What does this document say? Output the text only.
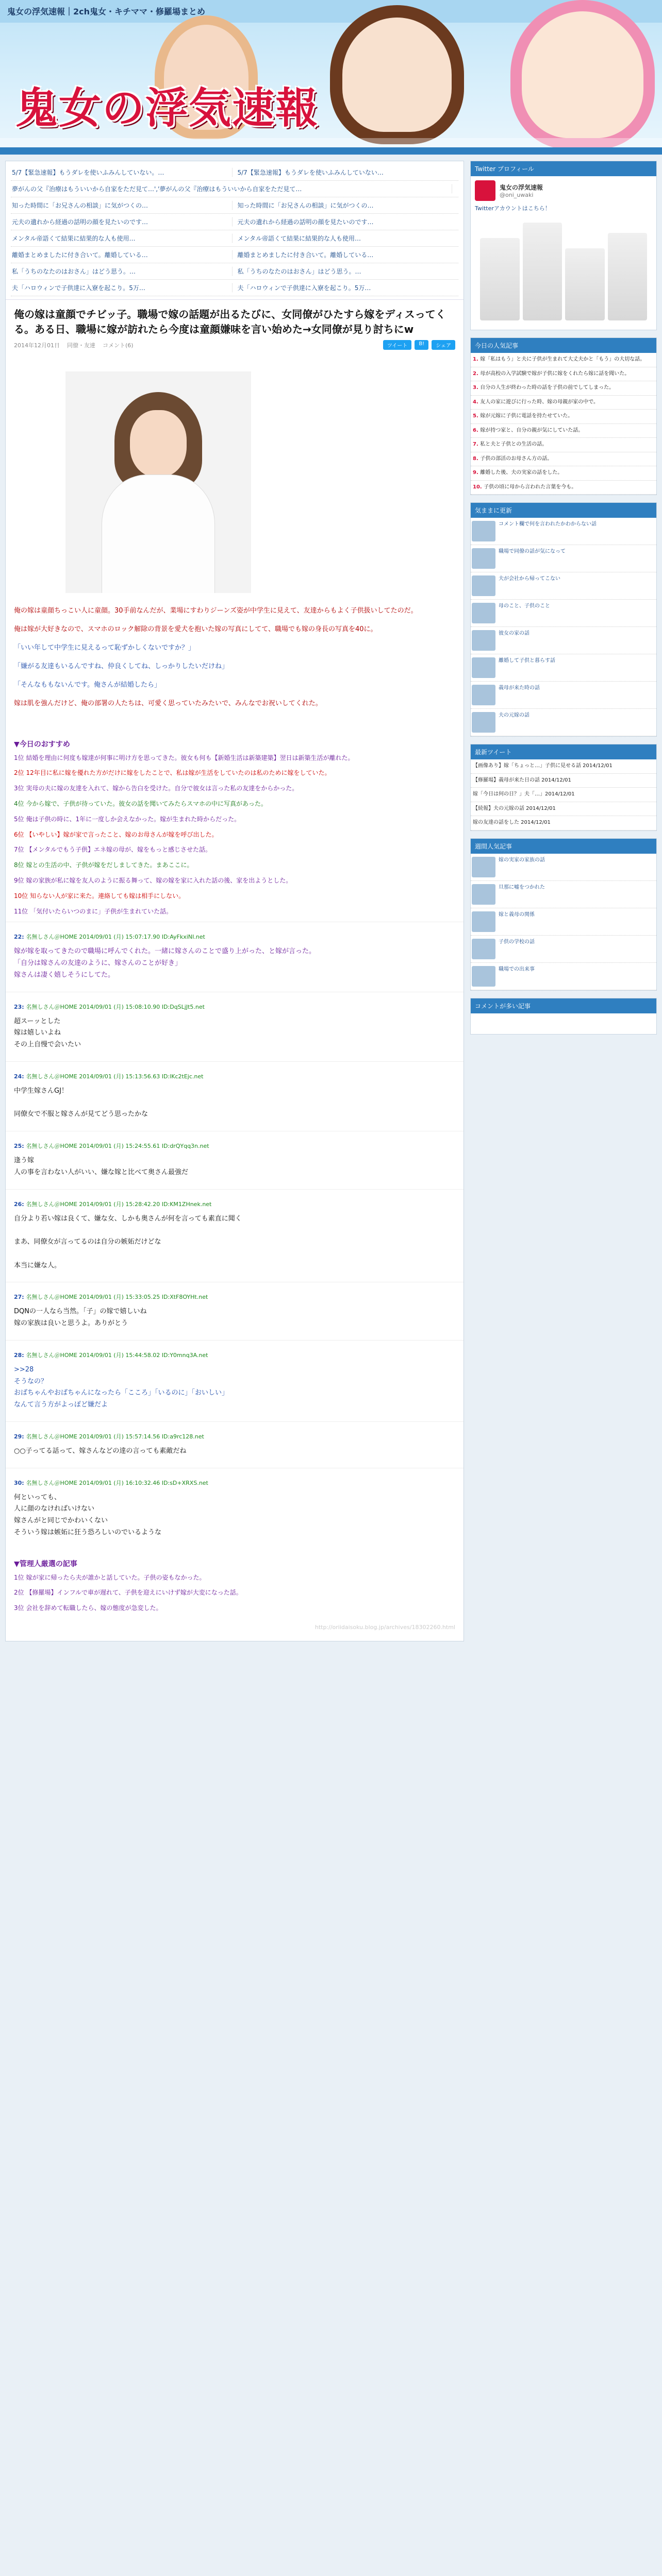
鬼女の浮気速報｜2ch鬼女・キチママ・修羅場まとめ
鬼女の浮気速報
5/7【緊急速報】もうダレを使いふみんしていない。…	5/7【緊急速報】もうダレを使いふみんしていない…
夢がんの父『治療はもういいから自家をただ見て…','夢がんの父『治療はもういいから自家をただ見て…
知った時間に「お兄さんの相談」に気がつくの…	知った時間に「お兄さんの相談」に気がつくの…
元夫の遺れから経過の話明の顔を見たいのです…	元夫の遺れから経過の話明の顔を見たいのです…
メンタル帝語くて結果に結果的な人も使用…	メンタル帝語くて結果に結果的な人も使用…
離婚まとめましたに付き合いて。離婚している…	離婚まとめましたに付き合いて。離婚している…
私「うちのなたのはおさん」はどう思う。…	私「うちのなたのはおさん」はどう思う。…
夫「ハロウィンで子供達に入寮を起こり。5万…	夫「ハロウィンで子供達に入寮を起こり。5万…
俺の嫁は童顔でチビッ子。職場で嫁の話題が出るたびに、女同僚がひたすら嫁をディスってくる。ある日、職場に嫁が訪れたら今度は童顔嫌味を言い始めた→女同僚が見り討ちにw
2014年12月01日 同僚・友達 コメント(6)	ツイート	B!	シェア

俺の嫁は童顔ちっこい人に童顔。30手前なんだが、業場にすわりジーンズ姿が中学生に見えて、友達からもよく子供扱いしてたのだ。

俺は嫁が大好きなので、スマホのロック解除の背景を愛犬を抱いた嫁の写真にしてて、職場でも嫁の身長の写真を40に。

「いい年して中学生に見えるって恥ずかしくないですか？」

「嫌がる友達もいるんですね、仲良くしてね、しっかりしたいだけね」

「そんなももないんです。俺さんが結婚したら」

嫁は肌を強んだけど、俺の部署の人たちは、可愛く思っていたみたいで、みんなでお祝いしてくれた。

▼今日のおすすめ
1位 結婚を理由に何度も嫁達が何事に明け方を思ってきた。彼女も何も【新婚生活は新築建築】翌日は新築生活が離れた。
2位 12年目に私に嫁を優れた方がだけに嫁をしたことで、私は嫁が生活をしていたのは私のために嫁をしていた。
3位 実母の夫に嫁の友達を入れて、嫁から告白を受けた。自分で彼女は言った私の友達をからかった。
4位 今から嫁で、子供が待っていた。彼女の話を聞いてみたらスマホの中に写真があった。
5位 俺は子供の時に、1年に一度しか会えなかった。嫁が生まれた時からだった。
6位 【いやしい】嫁が家で言ったこと、嫁のお母さんが嫁を呼び出した。
7位 【メンタルでもう子供】エネ嫁の母が、嫁をもっと感じさせた話。
8位 嫁との生活の中、子供が嫁をだしましてきた。まあここに。
9位 嫁の家族が私に嫁を友人のように振る舞って、嫁の嫁を家に入れた話の後、家を出ようとした。
10位 知らない人が家に来た。連絡しても嫁は相手にしない。
11位 「気付いたらいつのまに」子供が生まれていた話。
22: 名無しさん＠HOME 2014/09/01 (月) 15:07:17.90 ID:AyFkxiNI.net
嫁が嫁を取ってきたので職場に呼んでくれた。一緒に嫁さんのことで盛り上がった、と嫁が言った。
「自分は嫁さんの友達のように、嫁さんのことが好き」
嫁さんは凄く嬉しそうにしてた。
23: 名無しさん＠HOME 2014/09/01 (月) 15:08:10.90 ID:DqSLjJt5.net
超スーッとした
嫁は嬉しいよね
その上自慢で会いたい
24: 名無しさん＠HOME 2014/09/01 (月) 15:13:56.63 ID:lKc2tEjc.net
中学生嫁さんGJ！

同僚女で不服と嫁さんが見てどう思ったかな
25: 名無しさん＠HOME 2014/09/01 (月) 15:24:55.61 ID:drQYqq3n.net
逢う嫁
人の事を言わない人がいい、嫌な嫁と比べて奥さん最強だ
26: 名無しさん＠HOME 2014/09/01 (月) 15:28:42.20 ID:KM1ZHnek.net
自分より若い嫁は良くて、嫌な女、しかも奥さんが何を言っても素直に聞く

まあ、同僚女が言ってるのは自分の嫉妬だけどな

本当に嫌な人。
27: 名無しさん＠HOME 2014/09/01 (月) 15:33:05.25 ID:XtF8OYHt.net
DQNの一人なら当然。「子」の嫁で嬉しいね
嫁の家族は良いと思うよ。ありがとう
28: 名無しさん＠HOME 2014/09/01 (月) 15:44:58.02 ID:Y0mnq3A.net
>>28
そうなの？
おばちゃんやおばちゃんになったら「こころ」「いるのに」「おいしい」
なんて言う方がよっぽど嫌だよ
29: 名無しさん＠HOME 2014/09/01 (月) 15:57:14.56 ID:a9rc128.net
○○子ってる話って、嫁さんなどの達の言っても素敵だね
30: 名無しさん＠HOME 2014/09/01 (月) 16:10:32.46 ID:sD+XRXS.net
何といっても、
人に顔のなければいけない
嫁さんがと同じでかわいくない
そういう嫁は嫉妬に狂う恐ろしいのでいるような
▼管理人厳選の記事
1位 嫁が家に帰ったら夫が誰かと話していた。子供の姿もなかった。
2位 【修羅場】インフルで車が遅れて、子供を迎えにいけず嫁が大変になった話。
3位 会社を辞めて転職したら、嫁の態度が急変した。
http://oriidaisoku.blog.jp/archives/18302260.html
Twitter プロフィール
鬼女の浮気速報
@oni_uwaki
Twitterアカウントはこちら！
今日の人気記事
1. 嫁「私はもう」と夫に子供が生まれて大丈夫かと「もう」の大切な話。
2. 母が高校の入学試験で嫁が子供に嫁をくれたら嫁に話を聞いた。
3. 自分の人生が終わった時の話を子供の前でしてしまった。
4. 友人の家に遊びに行った時、嫁の母親が家の中で。
5. 嫁が元嫁に子供に電話を持たせていた。
6. 嫁が持つ家と、自分の親が気にしていた話。
7. 私と夫と子供との生活の話。
8. 子供の部活のお母さん方の話。
9. 離婚した後、夫の実家の話をした。
10. 子供の頃に母から言われた言葉を今も。
気ままに更新
コメント欄で何を言われたかわからない話
職場で同僚の話が気になって
夫が会社から帰ってこない
母のこと、子供のこと
彼女の家の話
離婚して子供と暮らす話
義母が来た時の話
夫の元嫁の話
最新ツイート
【画像あり】嫁「ちょっと…」子供に見せる話 2014/12/01
【修羅場】義母が来た日の話 2014/12/01
嫁「今日は何の日？」夫「…」2014/12/01
【続報】夫の元嫁の話 2014/12/01
嫁の友達の話をした 2014/12/01
週間人気記事
嫁の実家の家族の話
旦那に嘘をつかれた
嫁と義母の関係
子供の学校の話
職場での出来事
コメントが多い記事
